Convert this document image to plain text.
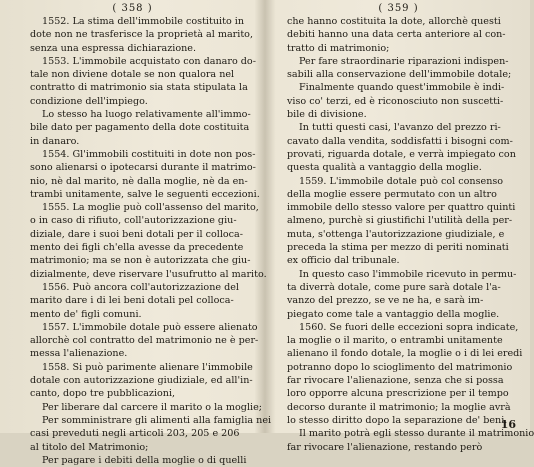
( 358 )
1552. La stima dell'immobile costituito in
dote non ne trasferisce la proprietà al marito,
senza una espressa dichiarazione.
1553. L'immobile acquistato con danaro do-
tale non diviene dotale se non qualora nel
contratto di matrimonio sia stata stipulata la
condizione dell'impiego.
Lo stesso ha luogo relativamente all'immo-
bile dato per pagamento della dote costituita
in danaro.
1554. Gl'immobili costituiti in dote non pos-
sono alienarsi o ipotecarsi durante il matrimo-
nio, nè dal marito, nè dalla moglie, nè da en-
trambi unitamente, salve le seguenti eccezioni.
1555. La moglie può coll'assenso del marito,
o in caso di rifiuto, coll'autorizzazione giu-
diziale, dare i suoi beni dotali per il colloca-
mento dei figli ch'ella avesse da precedente
matrimonio; ma se non è autorizzata che giu-
dizialmente, deve riservare l'usufrutto al marito.
1556. Può ancora coll'autorizzazione del
marito dare i di lei beni dotali pel colloca-
mento de' figli comuni.
1557. L'immobile dotale può essere alienato
allorchè col contratto del matrimonio ne è per-
messa l'alienazione.
1558. Si può parimente alienare l'immobile
dotale con autorizzazione giudiziale, ed all'in-
canto, dopo tre pubblicazioni,
Per liberare dal carcere il marito o la moglie;
Per somministrare gli alimenti alla famiglia nei
casi preveduti negli articoli 203, 205 e 206
al titolo del Matrimonio;
Per pagare i debiti della moglie o di quelli
( 359 )
che hanno costituita la dote, allorchè questi
debiti hanno una data certa anteriore al con-
tratto di matrimonio;
Per fare straordinarie riparazioni indispen-
sabili alla conservazione dell'immobile dotale;
Finalmente quando quest'immobile è indi-
viso co' terzi, ed è riconosciuto non suscetti-
bile di divisione.
In tutti questi casi, l'avanzo del prezzo ri-
cavato dalla vendita, soddisfatti i bisogni com-
provati, riguarda dotale, e verrà impiegato con
questa qualità a vantaggio della moglie.
1559. L'immobile dotale può col consenso
della moglie essere permutato con un altro
immobile dello stesso valore per quattro quinti
almeno, purchè si giustifichi l'utilità della per-
muta, s'ottenga l'autorizzazione giudiziale, e
preceda la stima per mezzo di periti nominati
ex officio dal tribunale.
In questo caso l'immobile ricevuto in permu-
ta diverrà dotale, come pure sarà dotale l'a-
vanzo del prezzo, se ve ne ha, e sarà im-
piegato come tale a vantaggio della moglie.
1560. Se fuori delle eccezioni sopra indicate,
la moglie o il marito, o entrambi unitamente
alienano il fondo dotale, la moglie o i di lei eredi
potranno dopo lo scioglimento del matrimonio
far rivocare l'alienazione, senza che si possa
loro opporre alcuna prescrizione per il tempo
decorso durante il matrimonio; la moglie avrà
lo stesso diritto dopo la separazione de' beni.
Il marito potrà egli stesso durante il matrimonio
far rivocare l'alienazione, restando però
16
